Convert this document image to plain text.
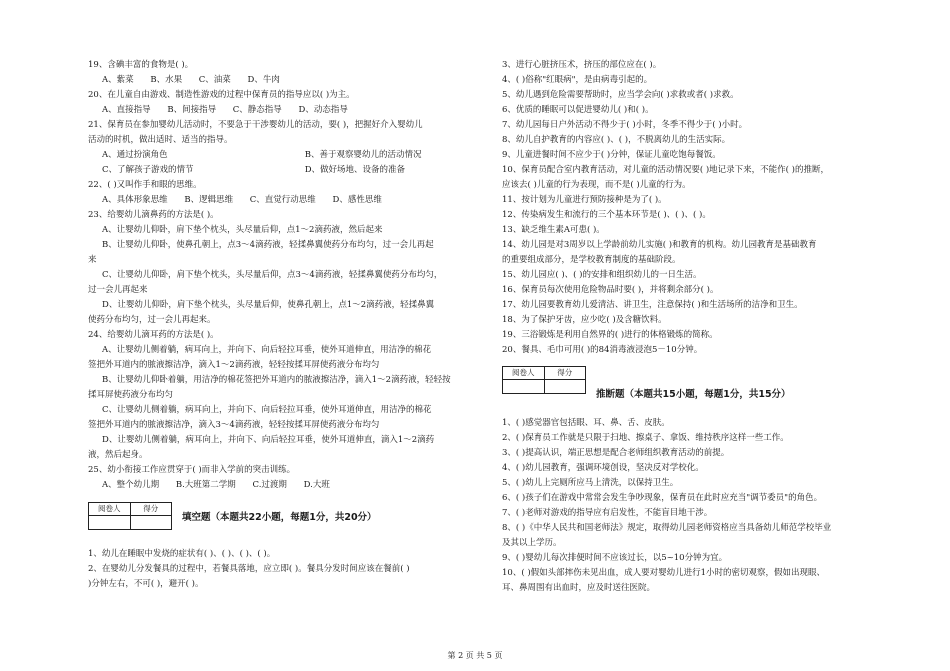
19、含碘丰富的食物是( )。
A、紫菜 B、水果 C、油菜 D、牛肉
20、在儿童自由游戏、制造性游戏的过程中保育员的指导应以( )为主。
A、直接指导 B、间接指导 C、静态指导 D、动态指导
21、保育员在参加婴幼儿活动时，不要急于干涉婴幼儿的活动，要( )，把握好介入婴幼儿
活动的时机，做出适时、适当的指导。
A、通过扮演角色	B、善于观察婴幼儿的活动情况
C、了解孩子游戏的情节	D、做好场地、设备的准备
22、( )又叫作手和眼的思维。
A、具体形象思维 B、逻辑思维 C、直觉行动思维 D、感性思维
23、给婴幼儿滴鼻药的方法是( )。
A、让婴幼儿仰卧，肩下垫个枕头，头尽量后仰，点1～2滴药液，然后起来
B、让婴幼儿仰卧，使鼻孔朝上，点3～4滴药液，轻揉鼻翼使药分布均匀，过一会儿再起
来
C、让婴幼儿仰卧，肩下垫个枕头，头尽量后仰，点3～4滴药液，轻揉鼻翼使药分布均匀，
过一会儿再起来
D、让婴幼儿仰卧，肩下垫个枕头，头尽量后仰，使鼻孔朝上，点1～2滴药液，轻揉鼻翼
使药分布均匀，过一会儿再起来。
24、给婴幼儿滴耳药的方法是( )。
A、让婴幼儿侧着躺，病耳向上，并向下、向后轻拉耳垂，使外耳道伸直，用洁净的棉花
签把外耳道内的脓液擦洁净，滴入1～2滴药液，轻轻按揉耳屏使药液分布均匀
B、让婴幼儿仰卧着躺，用洁净的棉花签把外耳道内的脓液擦洁净，滴入1～2滴药液，轻轻按
揉耳屏使药液分布均匀
C、让婴幼儿侧着躺，病耳向上，并向下、向后轻拉耳垂，使外耳道伸直，用洁净的棉花
签把外耳道内的脓液擦洁净，滴入3～4滴药液，轻轻按揉耳屏使药液分布均匀
D、让婴幼儿侧着躺，病耳向上，并向下、向后轻拉耳垂，使外耳道伸直，滴入1～2滴药
液，然后起身。
25、幼小衔接工作应贯穿于( )而非入学前的突击训练。
A、整个幼儿期 B.大班第二学期 C.过渡期 D.大班
阅卷人	得分
填空题（本题共22小题，每题1分，共20分）
1、幼儿在睡眠中发烧的症状有( )、( )、( )、( )。
2、在婴幼儿分发餐具的过程中，若餐具落地，应立即( )。餐具分发时间应该在餐前( )
)分钟左右，不可( )，避开( )。
3、进行心脏挤压术，挤压的部位应在( )。
4、( )俗称"红眼病"，是由病毒引起的。
5、幼儿遇到危险需要帮助时，应当学会向( )求救或者( )求救。
6、优质的睡眠可以促进婴幼儿( )和( )。
7、幼儿园每日户外活动不得少于( )小时，冬季不得少于( )小时。
8、幼儿自护教育的内容应( )、( )，不脱离幼儿的生活实际。
9、儿童进餐时间不应少于( )分钟，保证儿童吃饱每餐饭。
10、保育员配合室内教育活动，对儿童的活动情况要( )地记录下来，不能作( )的推断，
应该去( )儿童的行为表现，而不是( )儿童的行为。
11、按计划为儿童进行预防接种是为了( )。
12、传染病发生和流行的三个基本环节是( )、( )、( )。
13、缺乏维生素A可患( )。
14、幼儿园是对3周岁以上学龄前幼儿实施( )和教育的机构。幼儿园教育是基础教育
的重要组成部分，是学校教育制度的基础阶段。
15、幼儿园应( )、( )的安排和组织幼儿的一日生活。
16、保育员每次使用危险物品时要( )，并将剩余部分( )。
17、幼儿园要教育幼儿爱清洁、讲卫生，注意保持( )和生活场所的洁净和卫生。
18、为了保护牙齿，应少吃( )及含糖饮料。
19、三浴锻炼是利用自然界的( )进行的体格锻炼的简称。
20、餐具、毛巾可用( )的84消毒液浸泡5－10分钟。
阅卷人	得分
推断题（本题共15小题，每题1分，共15分）
1、( )感觉器官包括眼、耳、鼻、舌、皮肤。
2、( )保育员工作就是只限于扫地、擦桌子、拿饭、维持秩序这样一些工作。
3、( )提高认识，端正思想是配合老师组织教育活动的前提。
4、( )幼儿园教育，强调环境创设，坚决反对学校化。
5、( )幼儿上完厕所应马上清洗，以保持卫生。
6、( )孩子们在游戏中常常会发生争吵现象，保育员在此时应充当"调节委员"的角色。
7、( )老师对游戏的指导应有启发性，不能盲目地干涉。
8、( )《中华人民共和国老师法》规定，取得幼儿园老师资格应当具备幼儿师范学校毕业
及其以上学历。
9、( )婴幼儿每次排便时间不应该过长，以5~10分钟为宜。
10、( )假如头部摔伤未见出血，成人要对婴幼儿进行1小时的密切观察，假如出现眼、
耳、鼻周围有出血时，应及时送往医院。
第 2 页 共 5 页
